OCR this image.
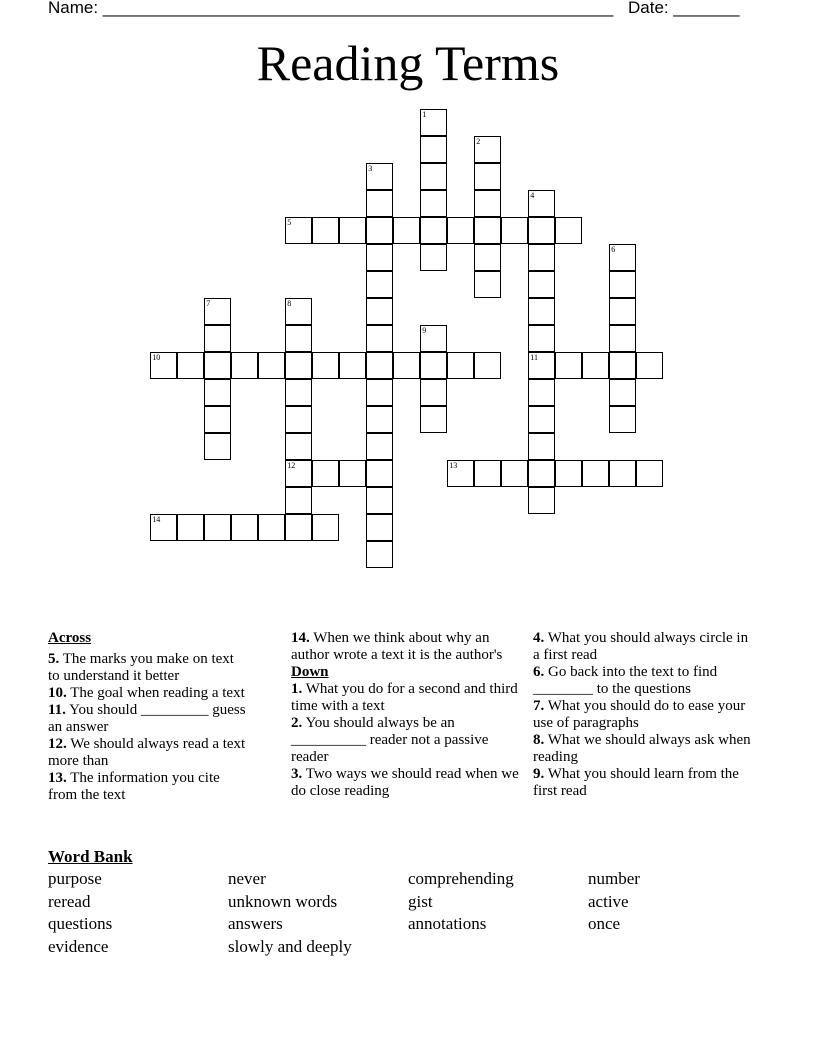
Name: ______________________________________________________ Date: _______
Reading Terms
1
2
3
4
11
5
6
7	8
12
9
10
13
14
Across
5. The marks you make on text to understand it better
10. The goal when reading a text
11. You should _________ guess an answer
12. We should always read a text more than
13. The information you cite from the text
14. When we think about why an author wrote a text it is the author's
Down
1. What you do for a second and third time with a text
2. You should always be an __________ reader not a passive reader
3. Two ways we should read when we do close reading
4. What you should always circle in a first read
6. Go back into the text to find ________ to the questions
7. What you should do to ease your use of paragraphs
8. What we should always ask when reading
9. What you should learn from the first read
Word Bank
purpose	never	comprehending	number
reread	unknown words	gist	active
questions	answers	annotations	once
evidence	slowly and deeply
